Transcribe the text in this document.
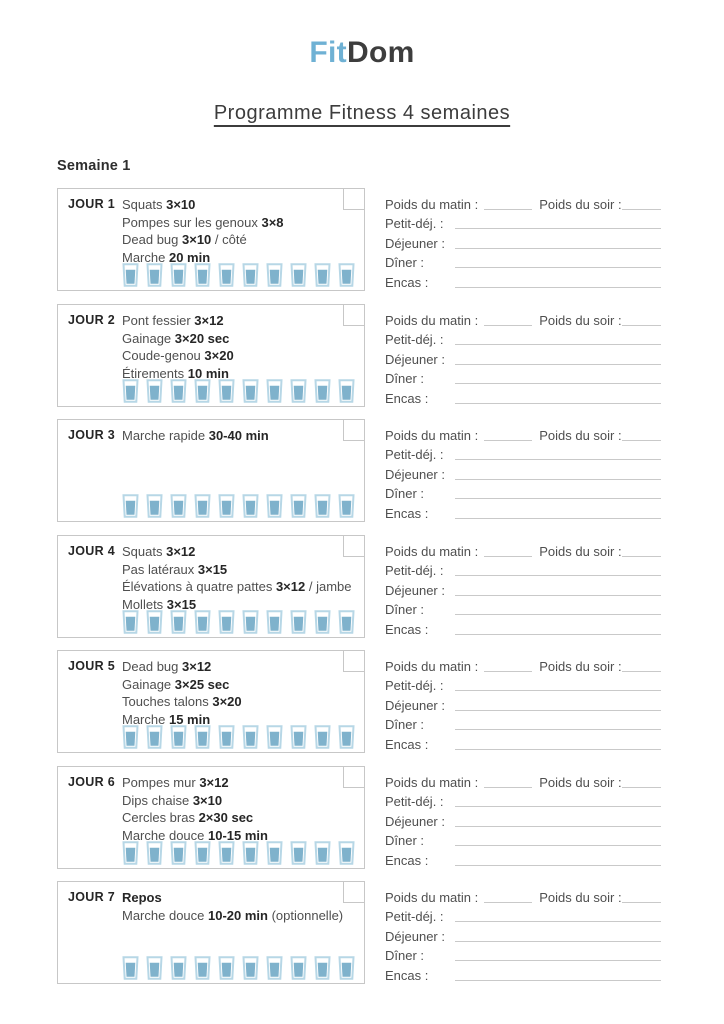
FitDom
Programme Fitness 4 semaines
Semaine 1
JOUR 1 Squats 3×10
Pompes sur les genoux 3×8
Dead bug 3×10 / côté
Marche 20 min
Poids du matin :	Poids du soir :
Petit-déj. :
Déjeuner :
Dîner :
Encas :
JOUR 2 Pont fessier 3×12
Gainage 3×20 sec
Coude-genou 3×20
Étirements 10 min
Poids du matin :	Poids du soir :
Petit-déj. :
Déjeuner :
Dîner :
Encas :
JOUR 3 Marche rapide 30-40 min	Poids du matin :	Poids du soir :
Petit-déj. :
Déjeuner :
Dîner :
Encas :
JOUR 4 Squats 3×12
Pas latéraux 3×15
Élévations à quatre pattes 3×12 / jambe
Mollets 3×15
Poids du matin :	Poids du soir :
Petit-déj. :
Déjeuner :
Dîner :
Encas :
JOUR 5 Dead bug 3×12
Gainage 3×25 sec
Touches talons 3×20
Marche 15 min
Poids du matin :	Poids du soir :
Petit-déj. :
Déjeuner :
Dîner :
Encas :
JOUR 6 Pompes mur 3×12
Dips chaise 3×10
Cercles bras 2×30 sec
Marche douce 10-15 min
Poids du matin :	Poids du soir :
Petit-déj. :
Déjeuner :
Dîner :
Encas :
JOUR 7 Repos
Marche douce 10-20 min (optionnelle)
Poids du matin :	Poids du soir :
Petit-déj. :
Déjeuner :
Dîner :
Encas :
